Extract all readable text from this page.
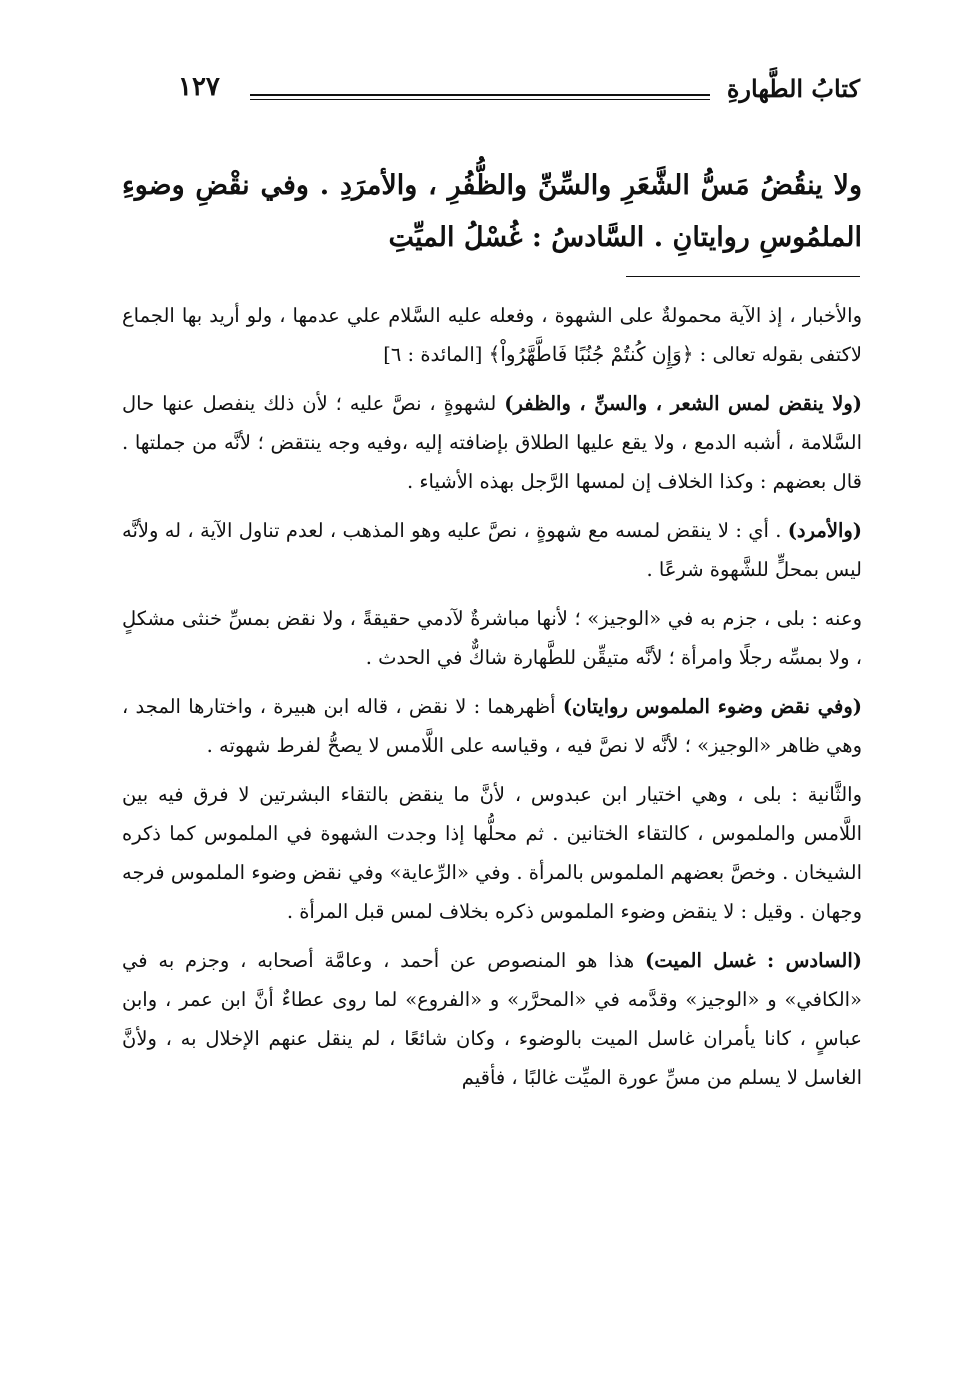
١٢٧	كتابُ الطَّهارةِ

ولا ينقُضُ مَسُّ الشَّعَرِ والسِّنِّ والظُّفُرِ ، والأمرَدِ . وفي نقْضِ وضوءِ الملمُوسِ روايتانِ . السَّادسُ : غُسْلُ الميِّتِ

والأخبار ، إذ الآية محمولةٌ على الشهوة ، وفعله عليه السَّلام علي عدمها ، ولو أريد بها الجماع لاكتفى بقوله تعالى : ﴿وَإِن كُنتُمْ جُنُبًا فَاطَّهَّرُواْ﴾ [المائدة : ٦]

(ولا ينقض لمس الشعر ، والسنِّ ، والظفر) لشهوةٍ ، نصَّ عليه ؛ لأن ذلك ينفصل عنها حال السَّلامة ، أشبه الدمع ، ولا يقع عليها الطلاق بإضافته إليه ،وفيه وجه ينتقض ؛ لأنَّه من جملتها . قال بعضهم : وكذا الخلاف إن لمسها الرَّجل بهذه الأشياء .

(والأمرد) . أي : لا ينقض لمسه مع شهوةٍ ، نصَّ عليه وهو المذهب ، لعدم تناول الآية ، له ولأنَّه ليس بمحلٍّ للشَّهوة شرعًا .

وعنه : بلى ، جزم به في «الوجيز» ؛ لأنها مباشرةٌ لآدمي حقيقةً ، ولا نقض بمسِّ خنثى مشكلٍ ، ولا بمسِّه رجلًا وامرأة ؛ لأنَّه متيقِّن للطَّهارة شاكٌّ في الحدث .

(وفي نقض وضوء الملموس روايتان) أظهرهما : لا نقض ، قاله ابن هبيرة ، واختارها المجد ، وهي ظاهر «الوجيز» ؛ لأنَّه لا نصَّ فيه ، وقياسه على اللَّامس لا يصحُّ لفرط شهوته .

والثَّانية : بلى ، وهي اختيار ابن عبدوس ، لأنَّ ما ينقض بالتقاء البشرتين لا فرق فيه بين اللَّامس والملموس ، كالتقاء الختانين . ثم محلُّها إذا وجدت الشهوة في الملموس كما ذكره الشيخان . وخصَّ بعضهم الملموس بالمرأة . وفي «الرِّعاية» وفي نقض وضوء الملموس فرجه وجهان . وقيل : لا ينقض وضوء الملموس ذكره بخلاف لمس قبل المرأة .

(السادس : غسل الميت) هذا هو المنصوص عن أحمد ، وعامَّة أصحابه ، وجزم به في «الكافي» و «الوجيز» وقدَّمه في «المحرَّر» و «الفروع» لما روى عطاءٌ أنَّ ابن عمر ، وابن عباسٍ ، كانا يأمران غاسل الميت بالوضوء ، وكان شائعًا ، لم ينقل عنهم الإخلال به ، ولأنَّ الغاسل لا يسلم من مسِّ عورة الميِّت غالبًا ، فأقيم
